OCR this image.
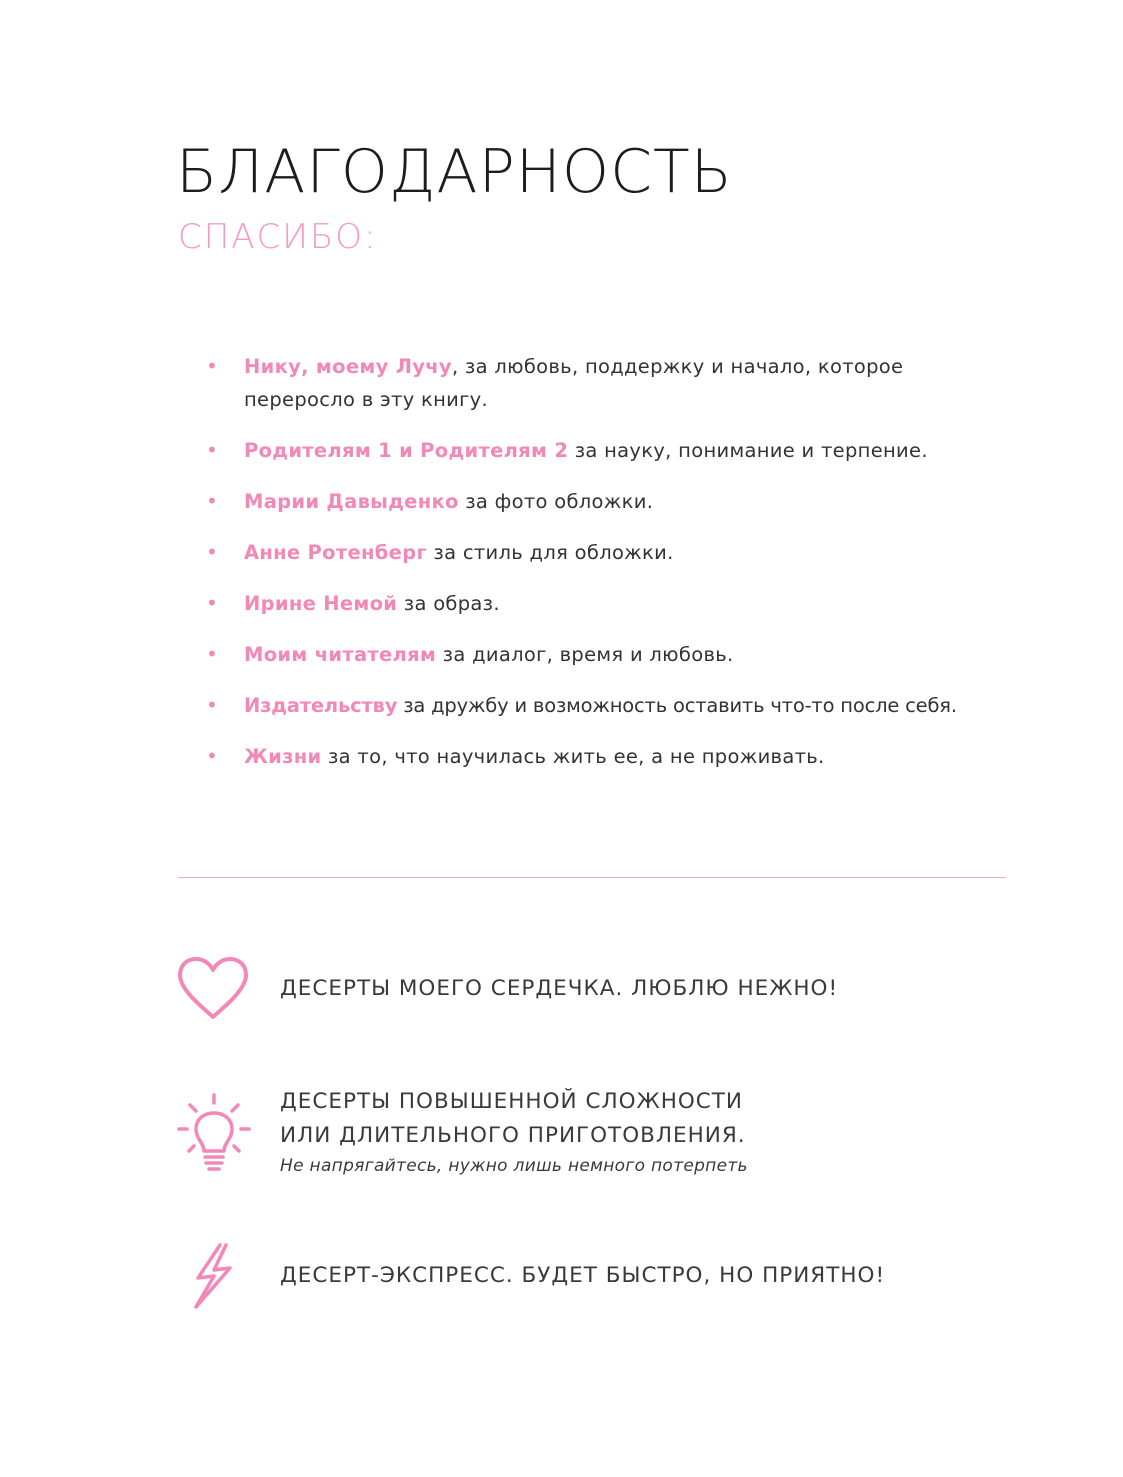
БЛАГОДАРНОСТЬ
СПАСИБО:
• Нику, моему Лучу, за любовь, поддержку и начало, которое переросло в эту книгу.
• Родителям 1 и Родителям 2 за науку, понимание и терпение.
• Марии Давыденко за фото обложки.
• Анне Ротенберг за стиль для обложки.
• Ирине Немой за образ.
• Моим читателям за диалог, время и любовь.
• Издательству за дружбу и возможность оставить что-то после себя.
• Жизни за то, что научилась жить ее, а не проживать.
ДЕСЕРТЫ МОЕГО СЕРДЕЧКА. ЛЮБЛЮ НЕЖНО!
ДЕСЕРТЫ ПОВЫШЕННОЙ СЛОЖНОСТИ
ИЛИ ДЛИТЕЛЬНОГО ПРИГОТОВЛЕНИЯ.
Не напрягайтесь, нужно лишь немного потерпеть
ДЕСЕРТ-ЭКСПРЕСС. БУДЕТ БЫСТРО, НО ПРИЯТНО!
